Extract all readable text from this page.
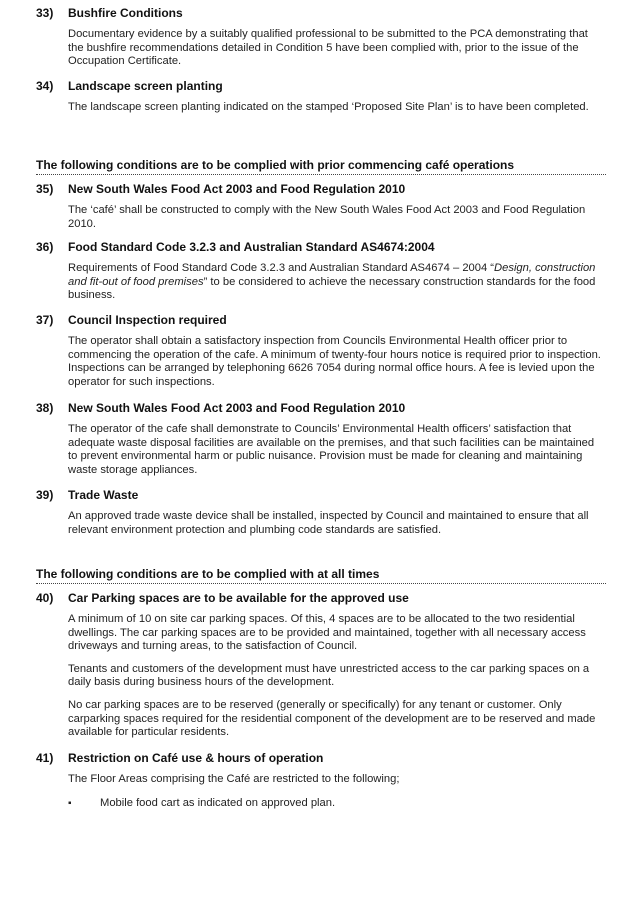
33)	Bushfire Conditions
Documentary evidence by a suitably qualified professional to be submitted to the PCA demonstrating that the bushfire recommendations detailed in Condition 5 have been complied with, prior to the issue of the Occupation Certificate.
34)	Landscape screen planting
The landscape screen planting indicated on the stamped ‘Proposed Site Plan’ is to have been completed.
The following conditions are to be complied with prior commencing café operations
35)	New South Wales Food Act 2003 and Food Regulation 2010
The ‘café’ shall be constructed to comply with the New South Wales Food Act 2003 and Food Regulation 2010.
36)	Food Standard Code 3.2.3 and Australian Standard AS4674:2004
Requirements of Food Standard Code 3.2.3 and Australian Standard AS4674 – 2004 “Design, construction and fit-out of food premises” to be considered to achieve the necessary construction standards for the food business.
37)	Council Inspection required
The operator shall obtain a satisfactory inspection from Councils Environmental Health officer prior to commencing the operation of the cafe. A minimum of twenty-four hours notice is required prior to inspection. Inspections can be arranged by telephoning 6626 7054 during normal office hours. A fee is levied upon the operator for such inspections.
38)	New South Wales Food Act 2003 and Food Regulation 2010
The operator of the cafe shall demonstrate to Councils’ Environmental Health officers’ satisfaction that adequate waste disposal facilities are available on the premises, and that such facilities can be maintained to prevent environmental harm or public nuisance. Provision must be made for cleaning and maintaining waste storage appliances.
39)	Trade Waste
An approved trade waste device shall be installed, inspected by Council and maintained to ensure that all relevant environment protection and plumbing code standards are satisfied.
The following conditions are to be complied with at all times
40)	Car Parking spaces are to be available for the approved use
A minimum of 10 on site car parking spaces. Of this, 4 spaces are to be allocated to the two residential dwellings. The car parking spaces are to be provided and maintained, together with all necessary access driveways and turning areas, to the satisfaction of Council.
Tenants and customers of the development must have unrestricted access to the car parking spaces on a daily basis during business hours of the development.
No car parking spaces are to be reserved (generally or specifically) for any tenant or customer. Only carparking spaces required for the residential component of the development are to be reserved and made available for particular residents.
41)	Restriction on Café use & hours of operation
The Floor Areas comprising the Café are restricted to the following;
▪	Mobile food cart as indicated on approved plan.
